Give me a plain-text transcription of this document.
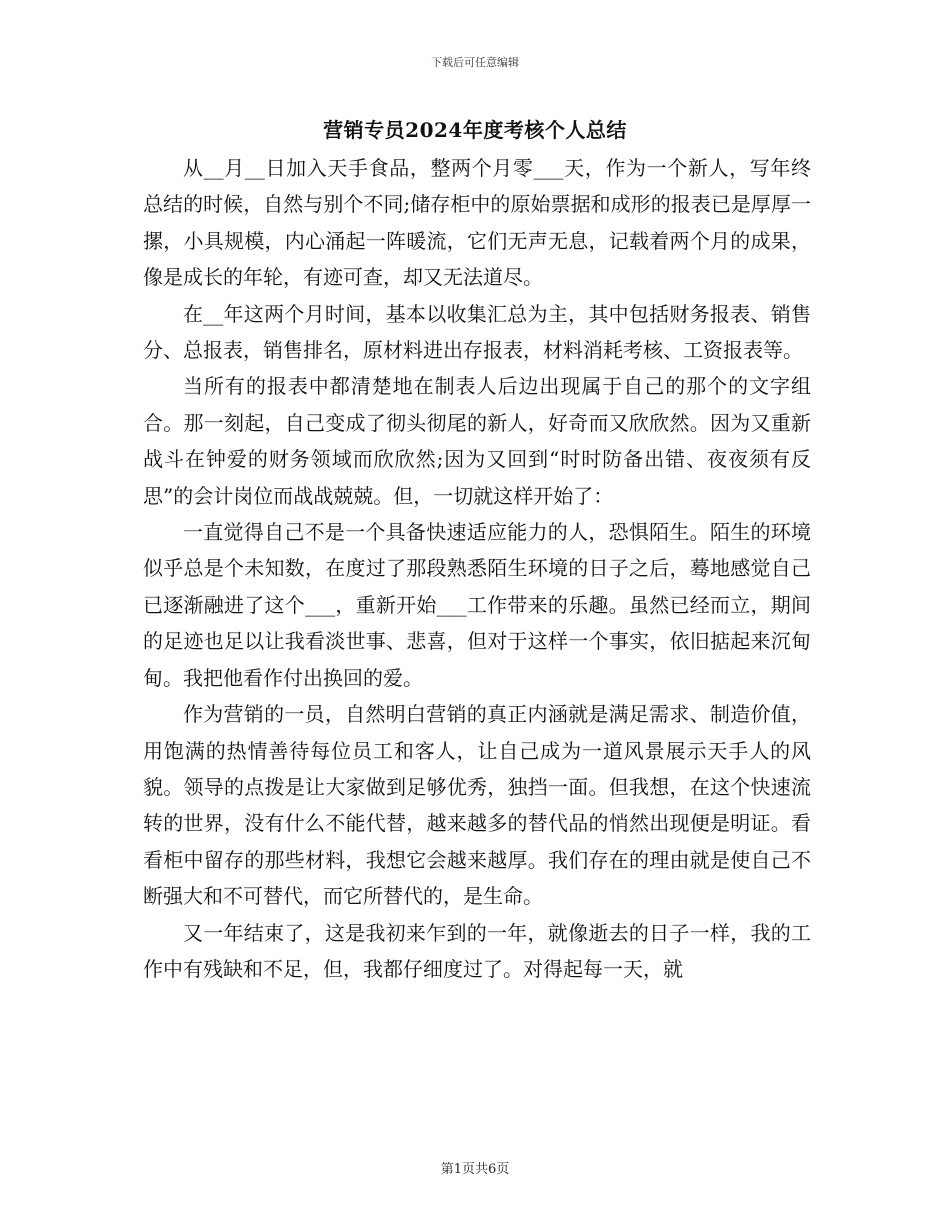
下载后可任意编辑
营销专员2024年度考核个人总结

从__月__日加入天手食品，整两个月零___天，作为一个新人，写年终总结的时候，自然与别个不同;储存柜中的原始票据和成形的报表已是厚厚一摞，小具规模，内心涌起一阵暖流，它们无声无息，记载着两个月的成果，像是成长的年轮，有迹可查，却又无法道尽。

在__年这两个月时间，基本以收集汇总为主，其中包括财务报表、销售分、总报表，销售排名，原材料进出存报表，材料消耗考核、工资报表等。

当所有的报表中都清楚地在制表人后边出现属于自己的那个的文字组合。那一刻起，自己变成了彻头彻尾的新人，好奇而又欣欣然。因为又重新战斗在钟爱的财务领域而欣欣然;因为又回到“时时防备出错、夜夜须有反思”的会计岗位而战战兢兢。但，一切就这样开始了：

一直觉得自己不是一个具备快速适应能力的人，恐惧陌生。陌生的环境似乎总是个未知数，在度过了那段熟悉陌生环境的日子之后，蓦地感觉自己已逐渐融进了这个___，重新开始___工作带来的乐趣。虽然已经而立，期间的足迹也足以让我看淡世事、悲喜，但对于这样一个事实，依旧掂起来沉甸甸。我把他看作付出换回的爱。

作为营销的一员，自然明白营销的真正内涵就是满足需求、制造价值，用饱满的热情善待每位员工和客人，让自己成为一道风景展示天手人的风貌。领导的点拨是让大家做到足够优秀，独挡一面。但我想，在这个快速流转的世界，没有什么不能代替，越来越多的替代品的悄然出现便是明证。看看柜中留存的那些材料，我想它会越来越厚。我们存在的理由就是使自己不断强大和不可替代，而它所替代的，是生命。

又一年结束了，这是我初来乍到的一年，就像逝去的日子一样，我的工作中有残缺和不足，但，我都仔细度过了。对得起每一天，就

第1页共6页
